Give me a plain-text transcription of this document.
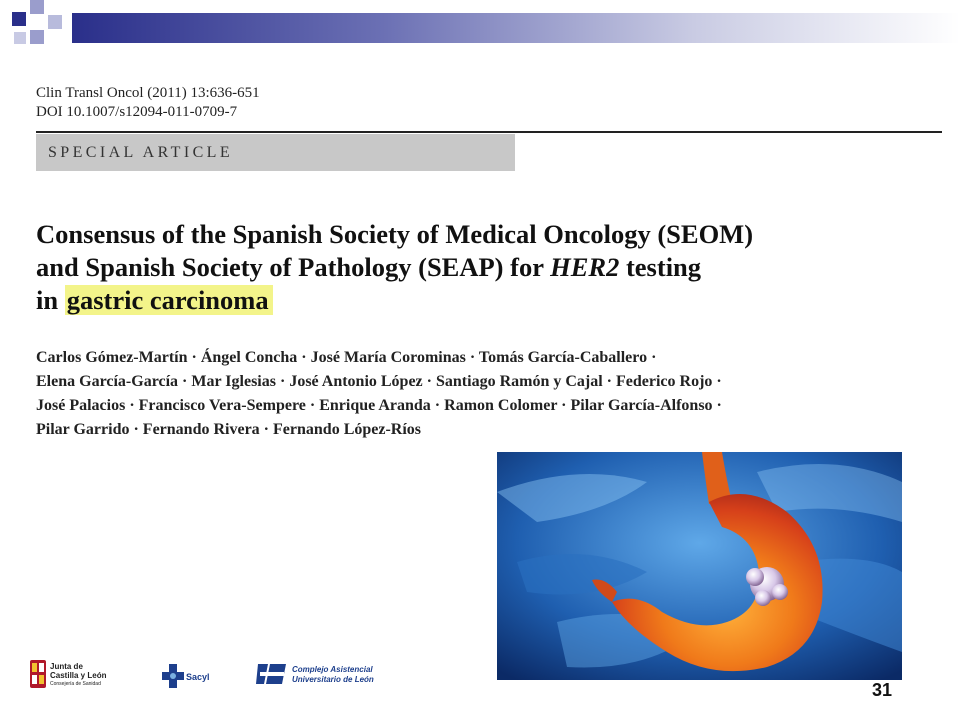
Clin Transl Oncol (2011) 13:636-651
DOI 10.1007/s12094-011-0709-7
SPECIAL ARTICLE
Consensus of the Spanish Society of Medical Oncology (SEOM)
and Spanish Society of Pathology (SEAP) for HER2 testing
in gastric carcinoma
Carlos Gómez-Martín · Ángel Concha · José María Corominas · Tomás García-Caballero ·
Elena García-García · Mar Iglesias · José Antonio López · Santiago Ramón y Cajal · Federico Rojo ·
José Palacios · Francisco Vera-Sempere · Enrique Aranda · Ramon Colomer · Pilar García-Alfonso ·
Pilar Garrido · Fernando Rivera · Fernando López-Ríos
Junta de
Castilla y León
Consejería de Sanidad
Sacyl
Complejo Asistencial
Universitario de León
31
